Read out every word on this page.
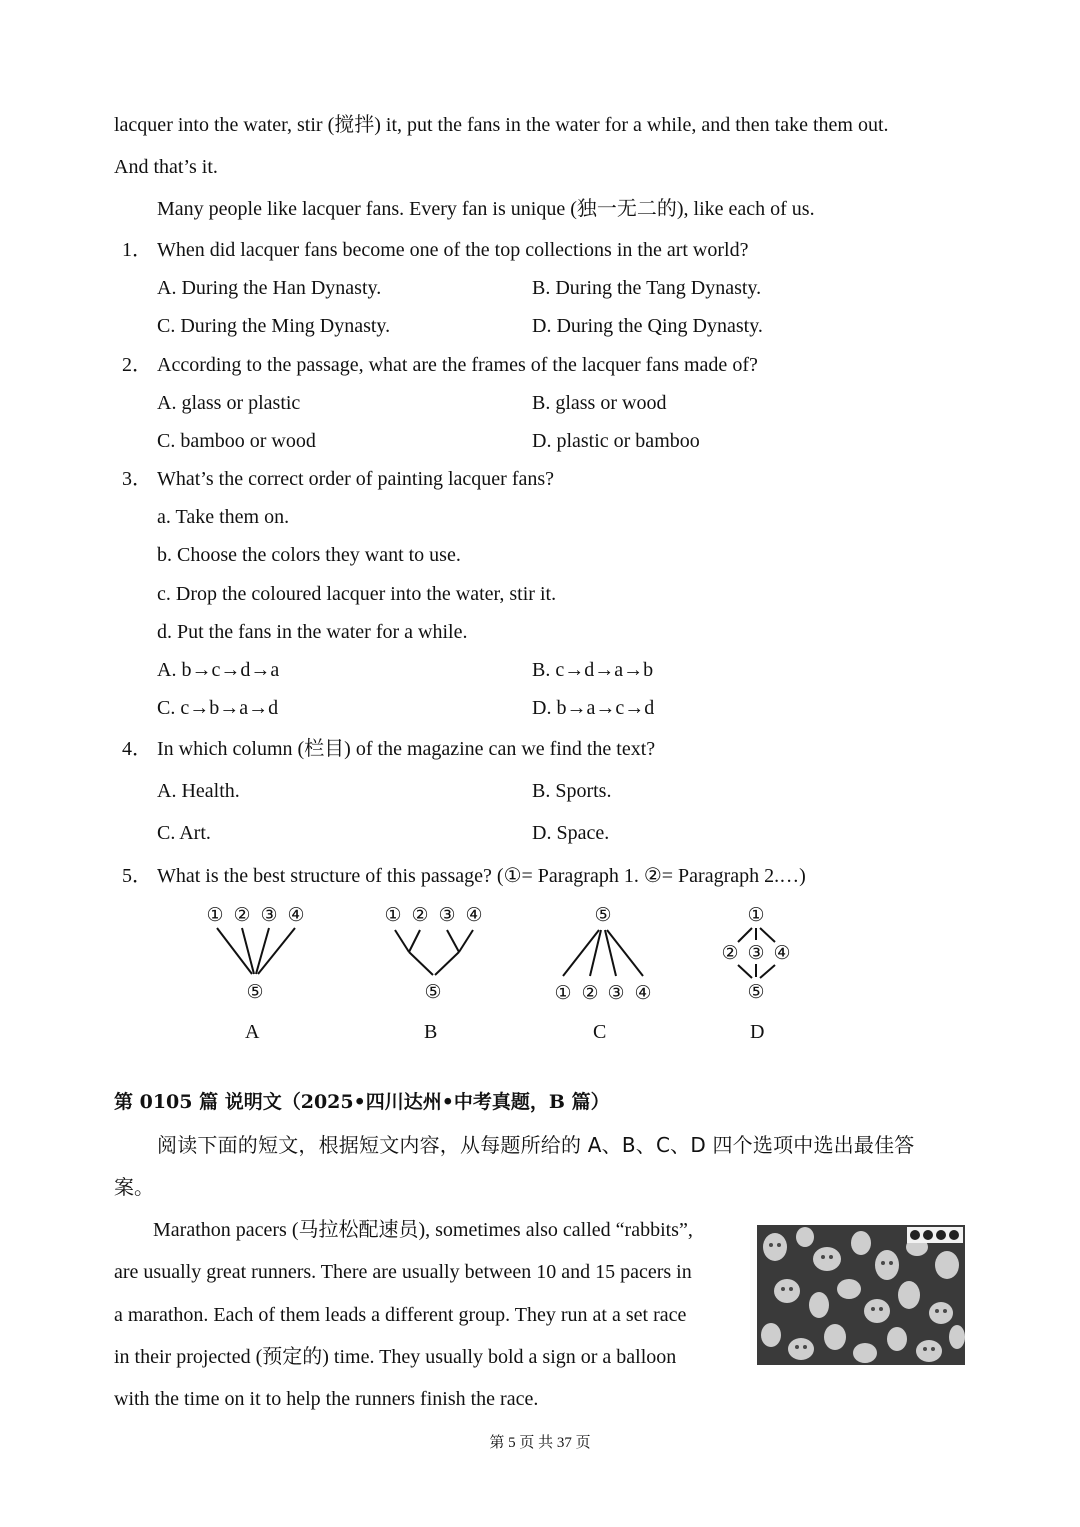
lacquer into the water, stir (搅拌) it, put the fans in the water for a while, and then take them out.
And that’s it.
Many people like lacquer fans. Every fan is unique (独一无二的), like each of us.
1． When did lacquer fans become one of the top collections in the art world?
A. During the Han Dynasty.	B. During the Tang Dynasty.
C. During the Ming Dynasty.	D. During the Qing Dynasty.
2． According to the passage, what are the frames of the lacquer fans made of?
A. glass or plastic	B. glass or wood
C. bamboo or wood	D. plastic or bamboo
3． What’s the correct order of painting lacquer fans?
a. Take them on.
b. Choose the colors they want to use.
c. Drop the coloured lacquer into the water, stir it.
d. Put the fans in the water for a while.
A. b→c→d→a	B. c→d→a→b
C. c→b→a→d	D. b→a→c→d
4． In which column (栏目) of the magazine can we find the text?
A. Health.	B. Sports.
C. Art.	D. Space.
5． What is the best structure of this passage? (①= Paragraph 1. ②= Paragraph 2.…)
① ② ③ ④
⑤
① ② ③ ④
⑤
⑤
① ② ③ ④
①
② ③ ④
⑤
A	B	C	D
第 0105 篇 说明文（2025•四川达州•中考真题，B 篇）
阅读下面的短文，根据短文内容，从每题所给的 A、B、C、D 四个选项中选出最佳答
案。
Marathon pacers (马拉松配速员), sometimes also called “rabbits”,
are usually great runners. There are usually between 10 and 15 pacers in
a marathon. Each of them leads a different group. They run at a set race
in their projected (预定的) time. They usually bold a sign or a balloon
with the time on it to help the runners finish the race.
第 5 页 共 37 页
